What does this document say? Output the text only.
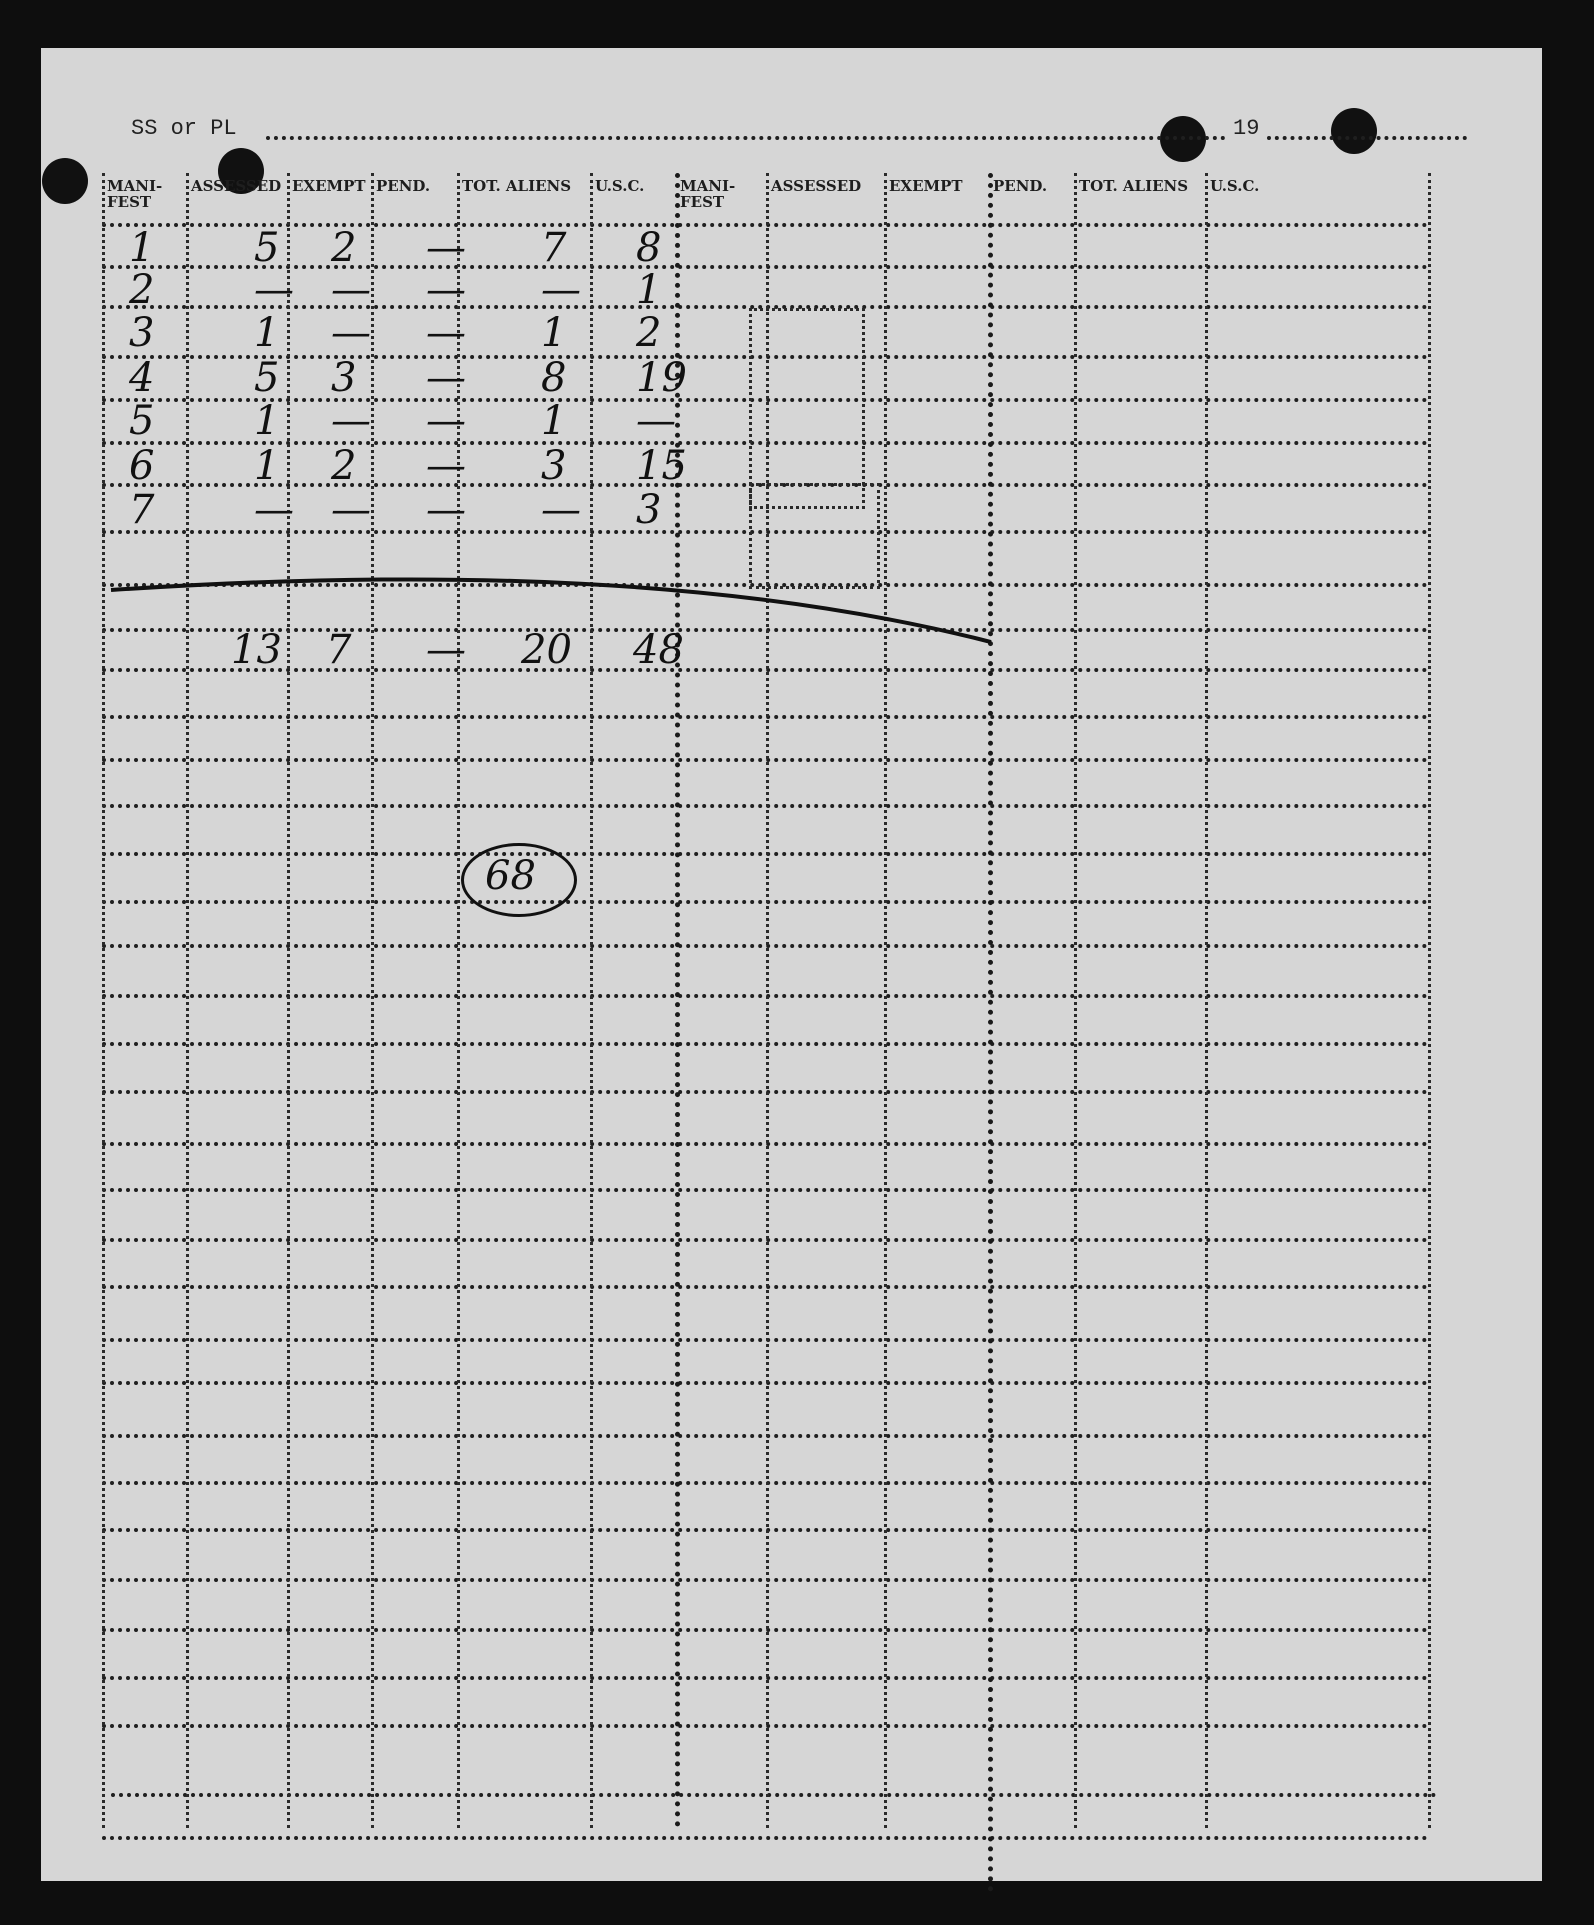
SS or PL	19
MANI-
FEST
ASSESSED EXEMPT PEND. TOT. ALIENS U.S.C. MANI-
FEST
ASSESSED EXEMPT PEND. TOT. ALIENS U.S.C.
1 5 2 — 7 8
2 — — — — 1
3 1 — — 1 2
4 5 3 — 8 19
5 1 — — 1 —
6 1 2 — 3 15
7 — — — — 3
13 7 — 20 48
68
